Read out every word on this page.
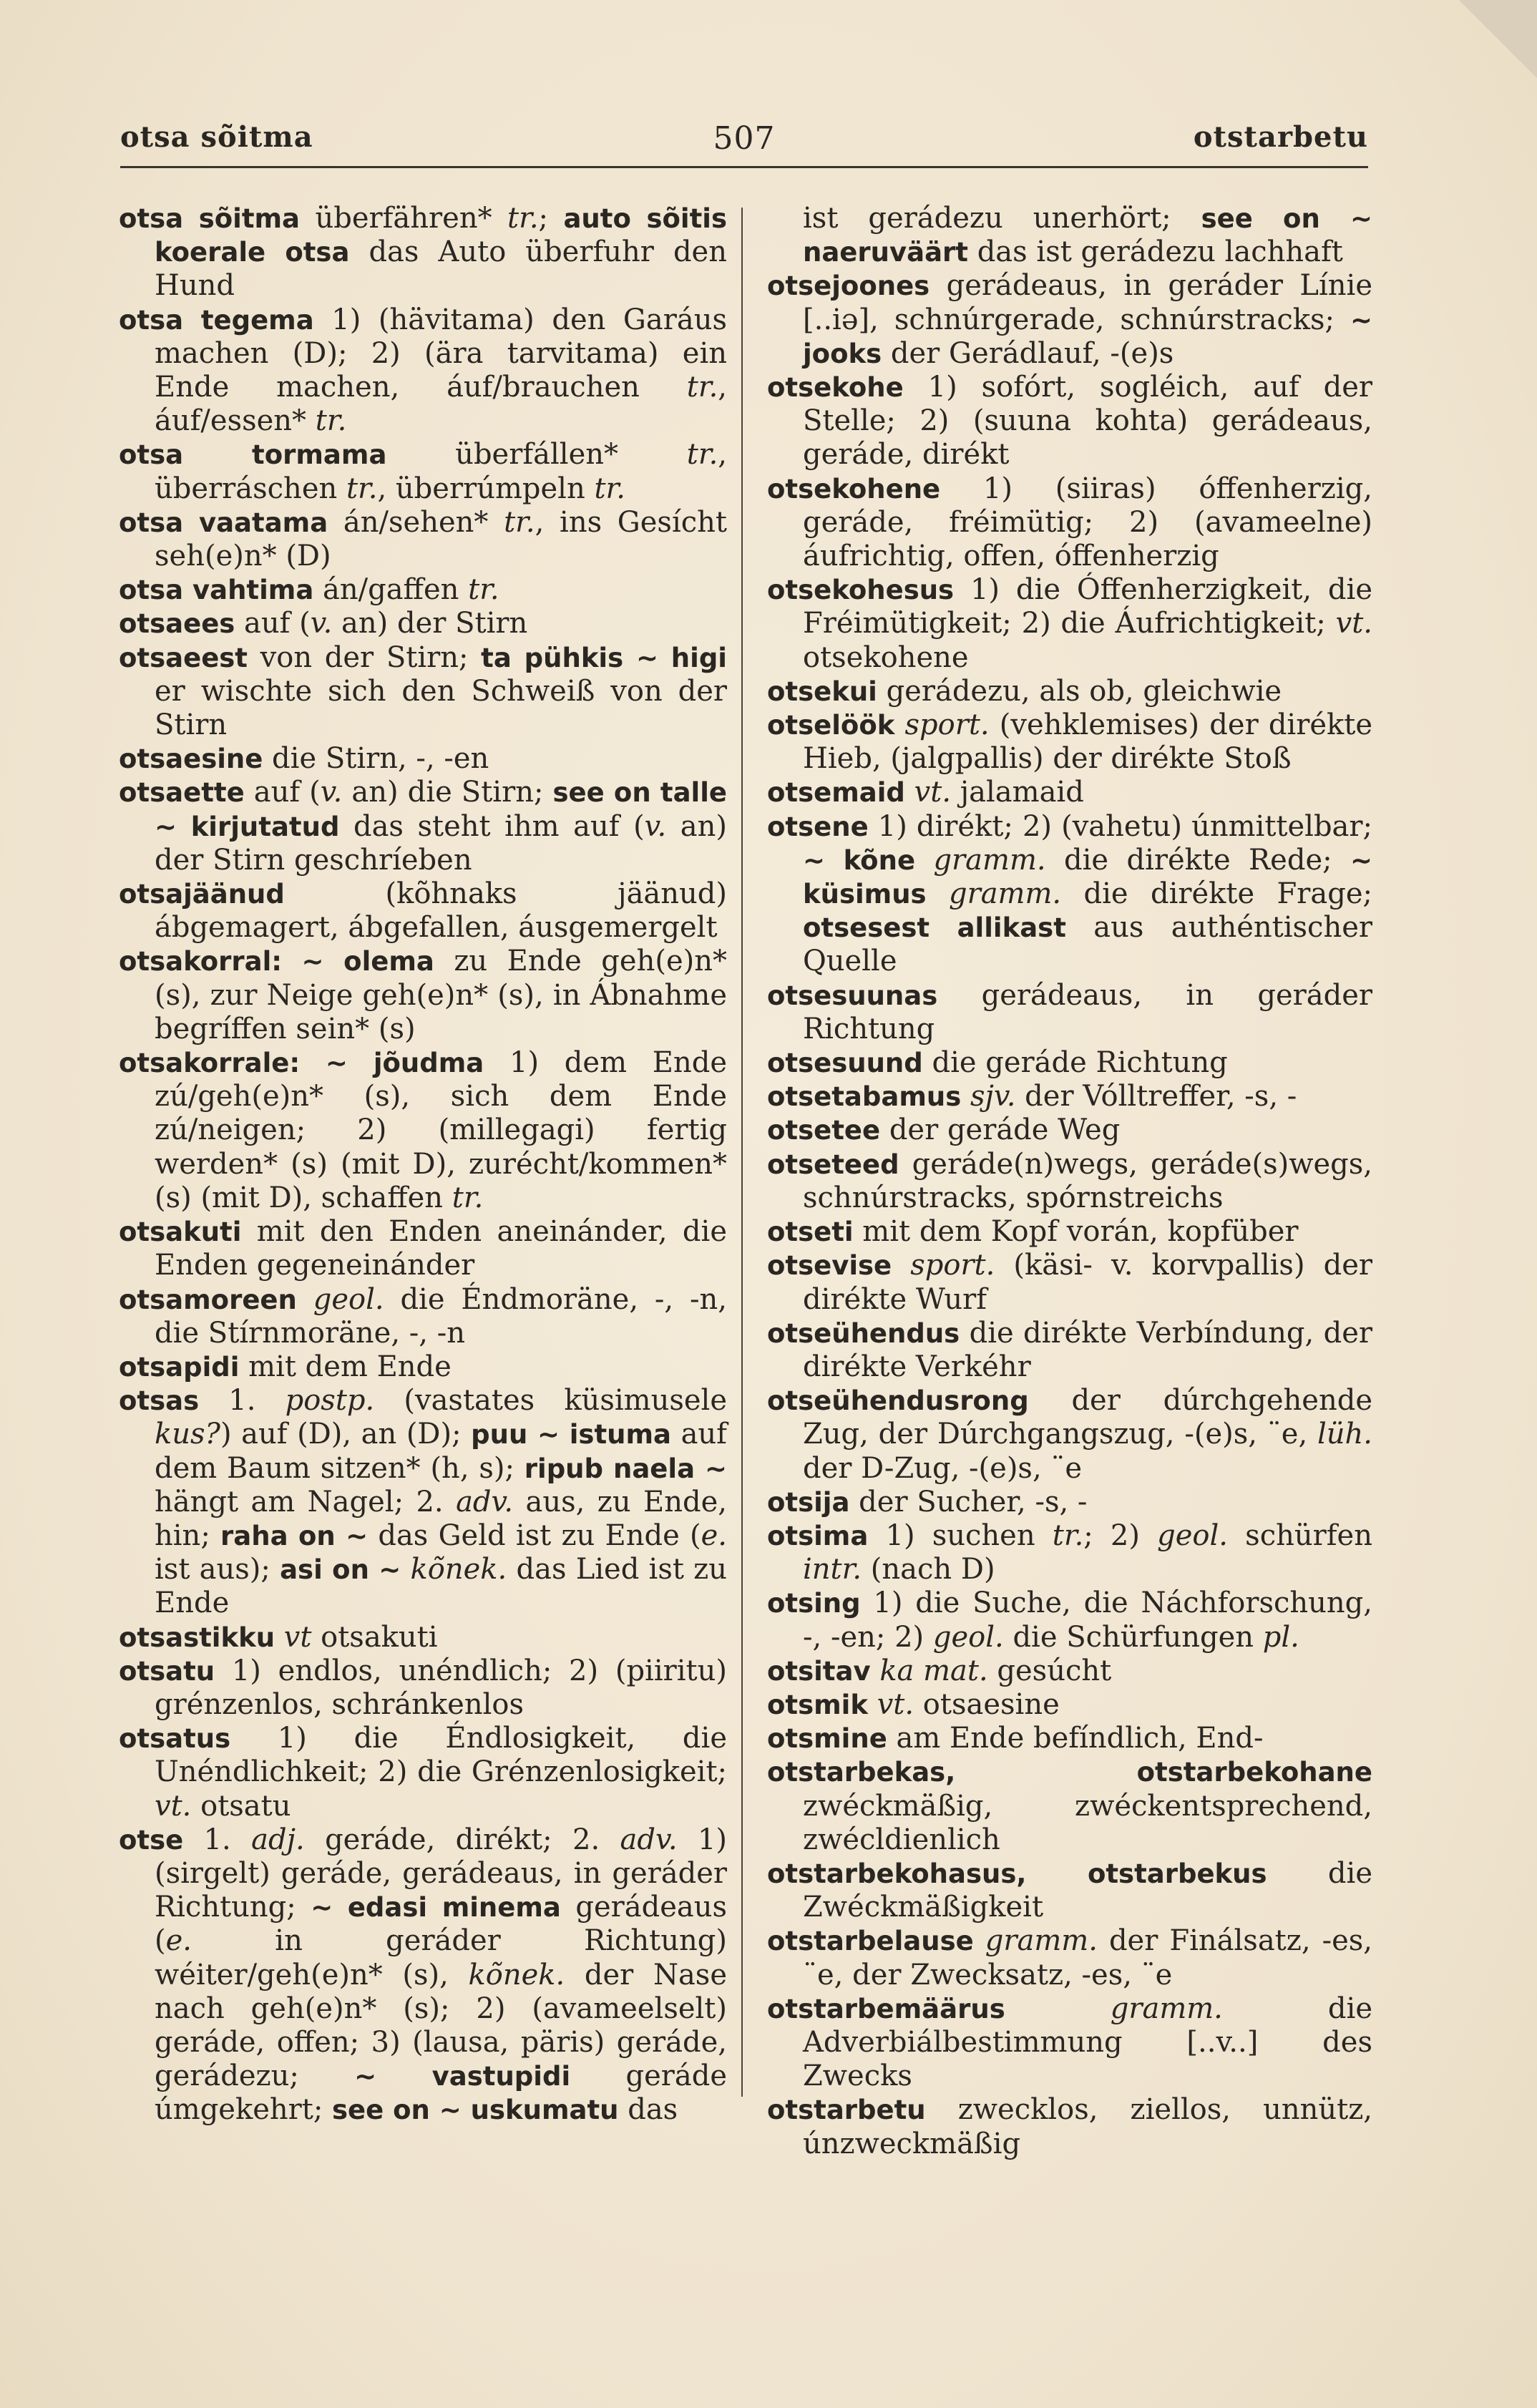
otsa sõitma	507	otstarbetu

otsa sõitma überfähren* tr.; auto sõitis koerale otsa das Auto überfuhr den Hund

otsa tegema 1) (hävitama) den Garáus machen (D); 2) (ära tarvitama) ein Ende machen, áuf/brauchen tr., áuf/essen* tr.

otsa tormama überfállen* tr., überráschen tr., überrúmpeln tr.

otsa vaatama án/sehen* tr., ins Gesícht seh(e)n* (D)

otsa vahtima án/gaffen tr.

otsaees auf (v. an) der Stirn

otsaeest von der Stirn; ta pühkis ∼ higi er wischte sich den Schweiß von der Stirn

otsaesine die Stirn, -, -en

otsaette auf (v. an) die Stirn; see on talle ∼ kirjutatud das steht ihm auf (v. an) der Stirn geschríeben

otsajäänud (kõhnaks jäänud) ábgemagert, ábgefallen, áusgemergelt

otsakorral: ∼ olema zu Ende geh(e)n* (s), zur Neige geh(e)n* (s), in Ábnahme begríffen sein* (s)

otsakorrale: ∼ jõudma 1) dem Ende zú/geh(e)n* (s), sich dem Ende zú/neigen; 2) (millegagi) fertig werden* (s) (mit D), zurécht/kommen* (s) (mit D), schaffen tr.

otsakuti mit den Enden aneinánder, die Enden gegeneinánder

otsamoreen geol. die Éndmoräne, -, -n, die Stírnmoräne, -, -n

otsapidi mit dem Ende

otsas 1. postp. (vastates küsimusele kus?) auf (D), an (D); puu ∼ istuma auf dem Baum sitzen* (h, s); ripub naela ∼ hängt am Nagel; 2. adv. aus, zu Ende, hin; raha on ∼ das Geld ist zu Ende (e. ist aus); asi on ∼ kõnek. das Lied ist zu Ende

otsastikku vt otsakuti

otsatu 1) endlos, unéndlich; 2) (piiritu) grénzenlos, schránkenlos

otsatus 1) die Éndlosigkeit, die Unéndlichkeit; 2) die Grénzenlosigkeit; vt. otsatu

otse 1. adj. geráde, dirékt; 2. adv. 1) (sirgelt) geráde, gerádeaus, in geráder Richtung; ∼ edasi minema gerádeaus (e. in geráder Richtung) wéiter/geh(e)n* (s), kõnek. der Nase nach geh(e)n* (s); 2) (avameelselt) geráde, offen; 3) (lausa, päris) geráde, gerádezu; ∼ vastupidi geráde úmgekehrt; see on ∼ uskumatu das

ist gerádezu unerhört; see on ∼ naeruväärt das ist gerádezu lachhaft

otsejoones gerádeaus, in geráder Línie [..iə], schnúrgerade, schnúrstracks; ∼ jooks der Gerádlauf, -(e)s

otsekohe 1) sofórt, sogléich, auf der Stelle; 2) (suuna kohta) gerádeaus, geráde, dirékt

otsekohene 1) (siiras) óffenherzig, geráde, fréimütig; 2) (avameelne) áufrichtig, offen, óffenherzig

otsekohesus 1) die Óffenherzigkeit, die Fréimütigkeit; 2) die Áufrichtigkeit; vt. otsekohene

otsekui gerádezu, als ob, gleichwie

otselöök sport. (vehklemises) der dirékte Hieb, (jalgpallis) der dirékte Stoß

otsemaid vt. jalamaid

otsene 1) dirékt; 2) (vahetu) únmittelbar; ∼ kõne gramm. die dirékte Rede; ∼ küsimus gramm. die dirékte Frage; otsesest allikast aus authéntischer Quelle

otsesuunas gerádeaus, in geráder Richtung

otsesuund die geráde Richtung

otsetabamus sjv. der Vólltreffer, -s, -

otsetee der geráde Weg

otseteed geráde(n)wegs, geráde(s)wegs, schnúrstracks, spórnstreichs

otseti mit dem Kopf vorán, kopfüber

otsevise sport. (käsi- v. korvpallis) der dirékte Wurf

otseühendus die dirékte Verbíndung, der dirékte Verkéhr

otseühendusrong der dúrchgehende Zug, der Dúrchgangszug, -(e)s, ¨e, lüh. der D-Zug, -(e)s, ¨e

otsija der Sucher, -s, -

otsima 1) suchen tr.; 2) geol. schürfen intr. (nach D)

otsing 1) die Suche, die Náchforschung, -, -en; 2) geol. die Schürfungen pl.

otsitav ka mat. gesúcht

otsmik vt. otsaesine

otsmine am Ende befíndlich, End-

otstarbekas, otstarbekohane zwéckmäßig, zwéckentsprechend, zwécldienlich

otstarbekohasus, otstarbekus die Zwéckmäßigkeit

otstarbelause gramm. der Finálsatz, -es, ¨e, der Zwecksatz, -es, ¨e

otstarbemäärus	gramm. die Adverbiálbestimmung [..v..] des Zwecks

otstarbetu zwecklos, ziellos, unnütz, únzweckmäßig
